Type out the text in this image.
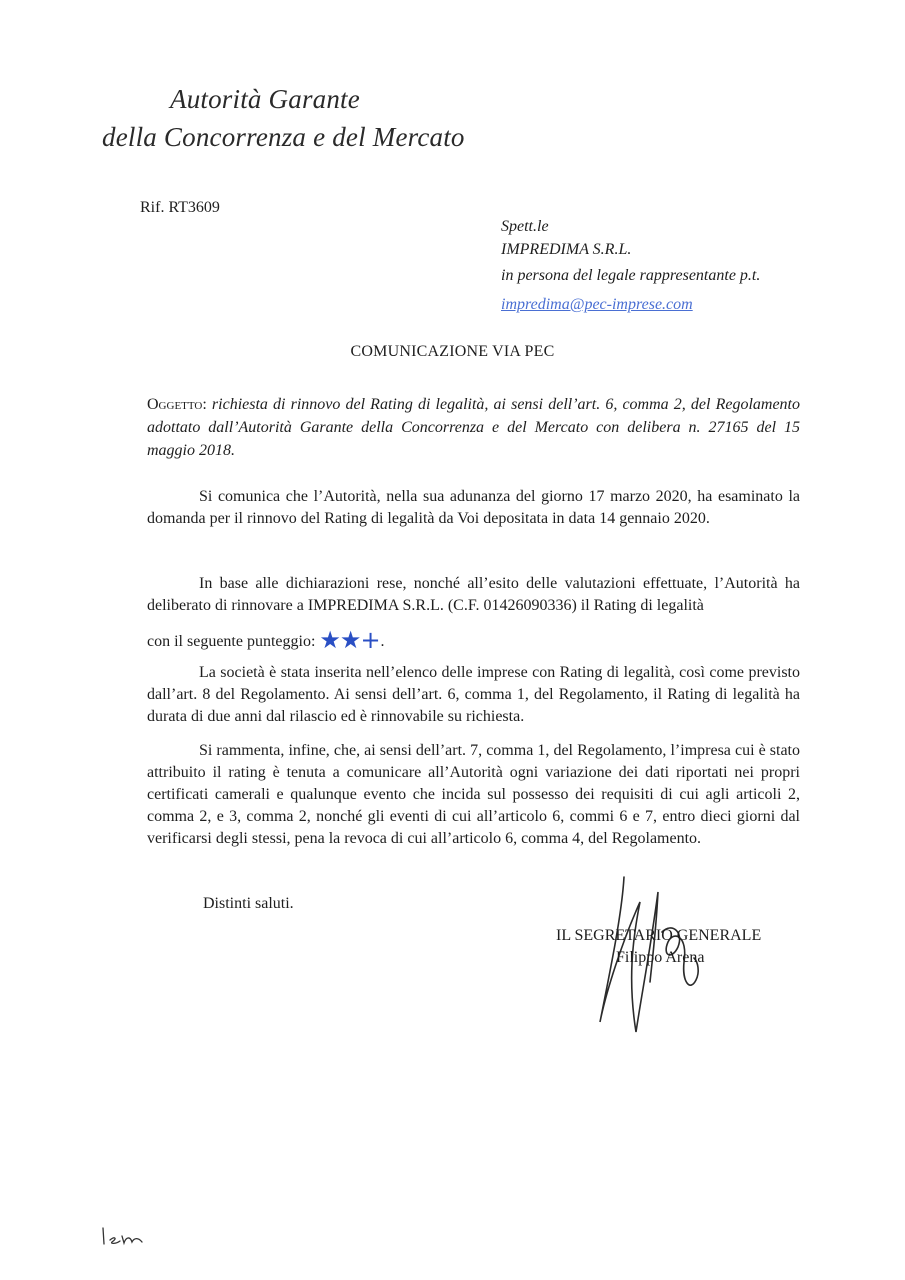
Autorità Garante
della Concorrenza e del Mercato
Rif. RT3609
Spett.le
IMPREDIMA S.R.L.
in persona del legale rappresentante p.t.
impredima@pec-imprese.com
COMUNICAZIONE VIA PEC
Oggetto: richiesta di rinnovo del Rating di legalità, ai sensi dell’art. 6, comma 2, del Regolamento adottato dall’Autorità Garante della Concorrenza e del Mercato con delibera n. 27165 del 15 maggio 2018.
Si comunica che l’Autorità, nella sua adunanza del giorno 17 marzo 2020, ha esaminato la domanda per il rinnovo del Rating di legalità da Voi depositata in data 14 gennaio 2020.
In base alle dichiarazioni rese, nonché all’esito delle valutazioni effettuate, l’Autorità ha deliberato di rinnovare a IMPREDIMA S.R.L. (C.F. 01426090336) il Rating di legalità
con il seguente punteggio: ★★+.
La società è stata inserita nell’elenco delle imprese con Rating di legalità, così come previsto dall’art. 8 del Regolamento. Ai sensi dell’art. 6, comma 1, del Regolamento, il Rating di legalità ha durata di due anni dal rilascio ed è rinnovabile su richiesta.
Si rammenta, infine, che, ai sensi dell’art. 7, comma 1, del Regolamento, l’impresa cui è stato attribuito il rating è tenuta a comunicare all’Autorità ogni variazione dei dati riportati nei propri certificati camerali e qualunque evento che incida sul possesso dei requisiti di cui agli articoli 2, comma 2, e 3, comma 2, nonché gli eventi di cui all’articolo 6, commi 6 e 7, entro dieci giorni dal verificarsi degli stessi, pena la revoca di cui all’articolo 6, comma 4, del Regolamento.
Distinti saluti.
IL SEGRETARIO GENERALE
Filippo Arena
